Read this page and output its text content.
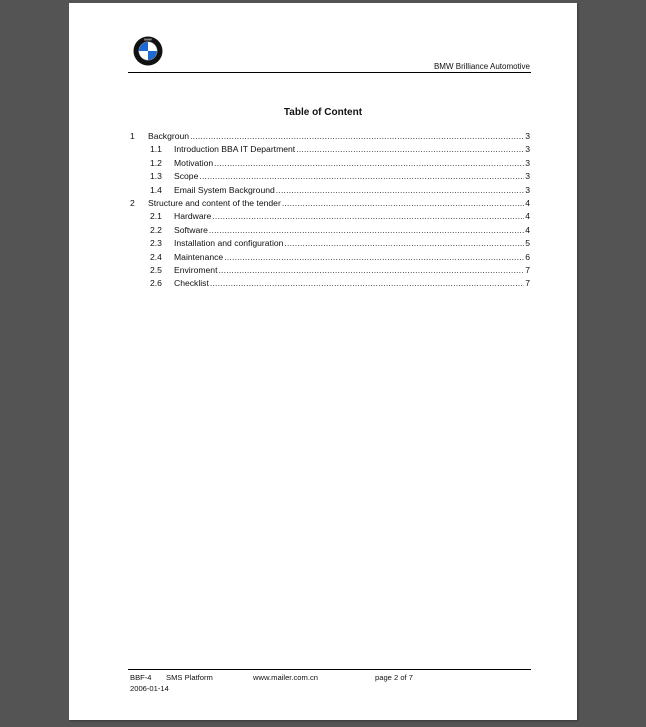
BMW
BMW Brilliance Automotive
Table of Content
1	Backgroun .....	3
1.1	Introduction BBA IT Department .....	3
1.2	Motivation .....	3
1.3	Scope .....	3
1.4	Email System Background .....	3
2	Structure and content of the tender .....	4
2.1	Hardware .....	4
2.2	Software .....	4
2.3	Installation and configuration .....	5
2.4	Maintenance .....	6
2.5	Enviroment .....	7
2.6	Checklist .....	7
BBF-4
2006-01-14
SMS Platform	www.mailer.com.cn	page 2 of 7
